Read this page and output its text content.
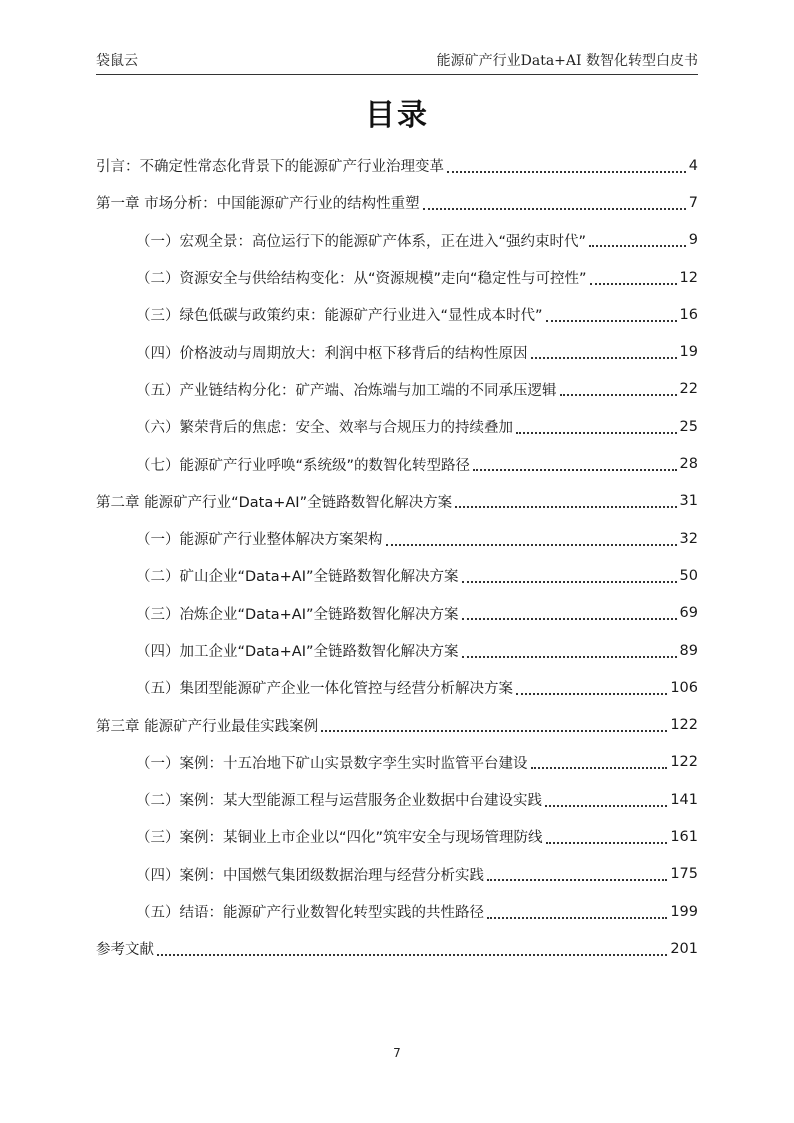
袋鼠云	能源矿产行业Data+AI 数智化转型白皮书
目录
引言：不确定性常态化背景下的能源矿产行业治理变革	4
第一章 市场分析：中国能源矿产行业的结构性重塑	7
（一）宏观全景：高位运行下的能源矿产体系，正在进入“强约束时代”	9
（二）资源安全与供给结构变化：从“资源规模”走向“稳定性与可控性”	12
（三）绿色低碳与政策约束：能源矿产行业进入“显性成本时代”	16
（四）价格波动与周期放大：利润中枢下移背后的结构性原因	19
（五）产业链结构分化：矿产端、冶炼端与加工端的不同承压逻辑	22
（六）繁荣背后的焦虑：安全、效率与合规压力的持续叠加	25
（七）能源矿产行业呼唤“系统级”的数智化转型路径	28
第二章 能源矿产行业“Data+AI”全链路数智化解决方案	31
（一）能源矿产行业整体解决方案架构	32
（二）矿山企业“Data+AI”全链路数智化解决方案	50
（三）冶炼企业“Data+AI”全链路数智化解决方案	69
（四）加工企业“Data+AI”全链路数智化解决方案	89
（五）集团型能源矿产企业一体化管控与经营分析解决方案	106
第三章 能源矿产行业最佳实践案例	122
（一）案例：十五冶地下矿山实景数字孪生实时监管平台建设	122
（二）案例：某大型能源工程与运营服务企业数据中台建设实践	141
（三）案例：某铜业上市企业以“四化”筑牢安全与现场管理防线	161
（四）案例：中国燃气集团级数据治理与经营分析实践	175
（五）结语：能源矿产行业数智化转型实践的共性路径	199
参考文献	201
7
